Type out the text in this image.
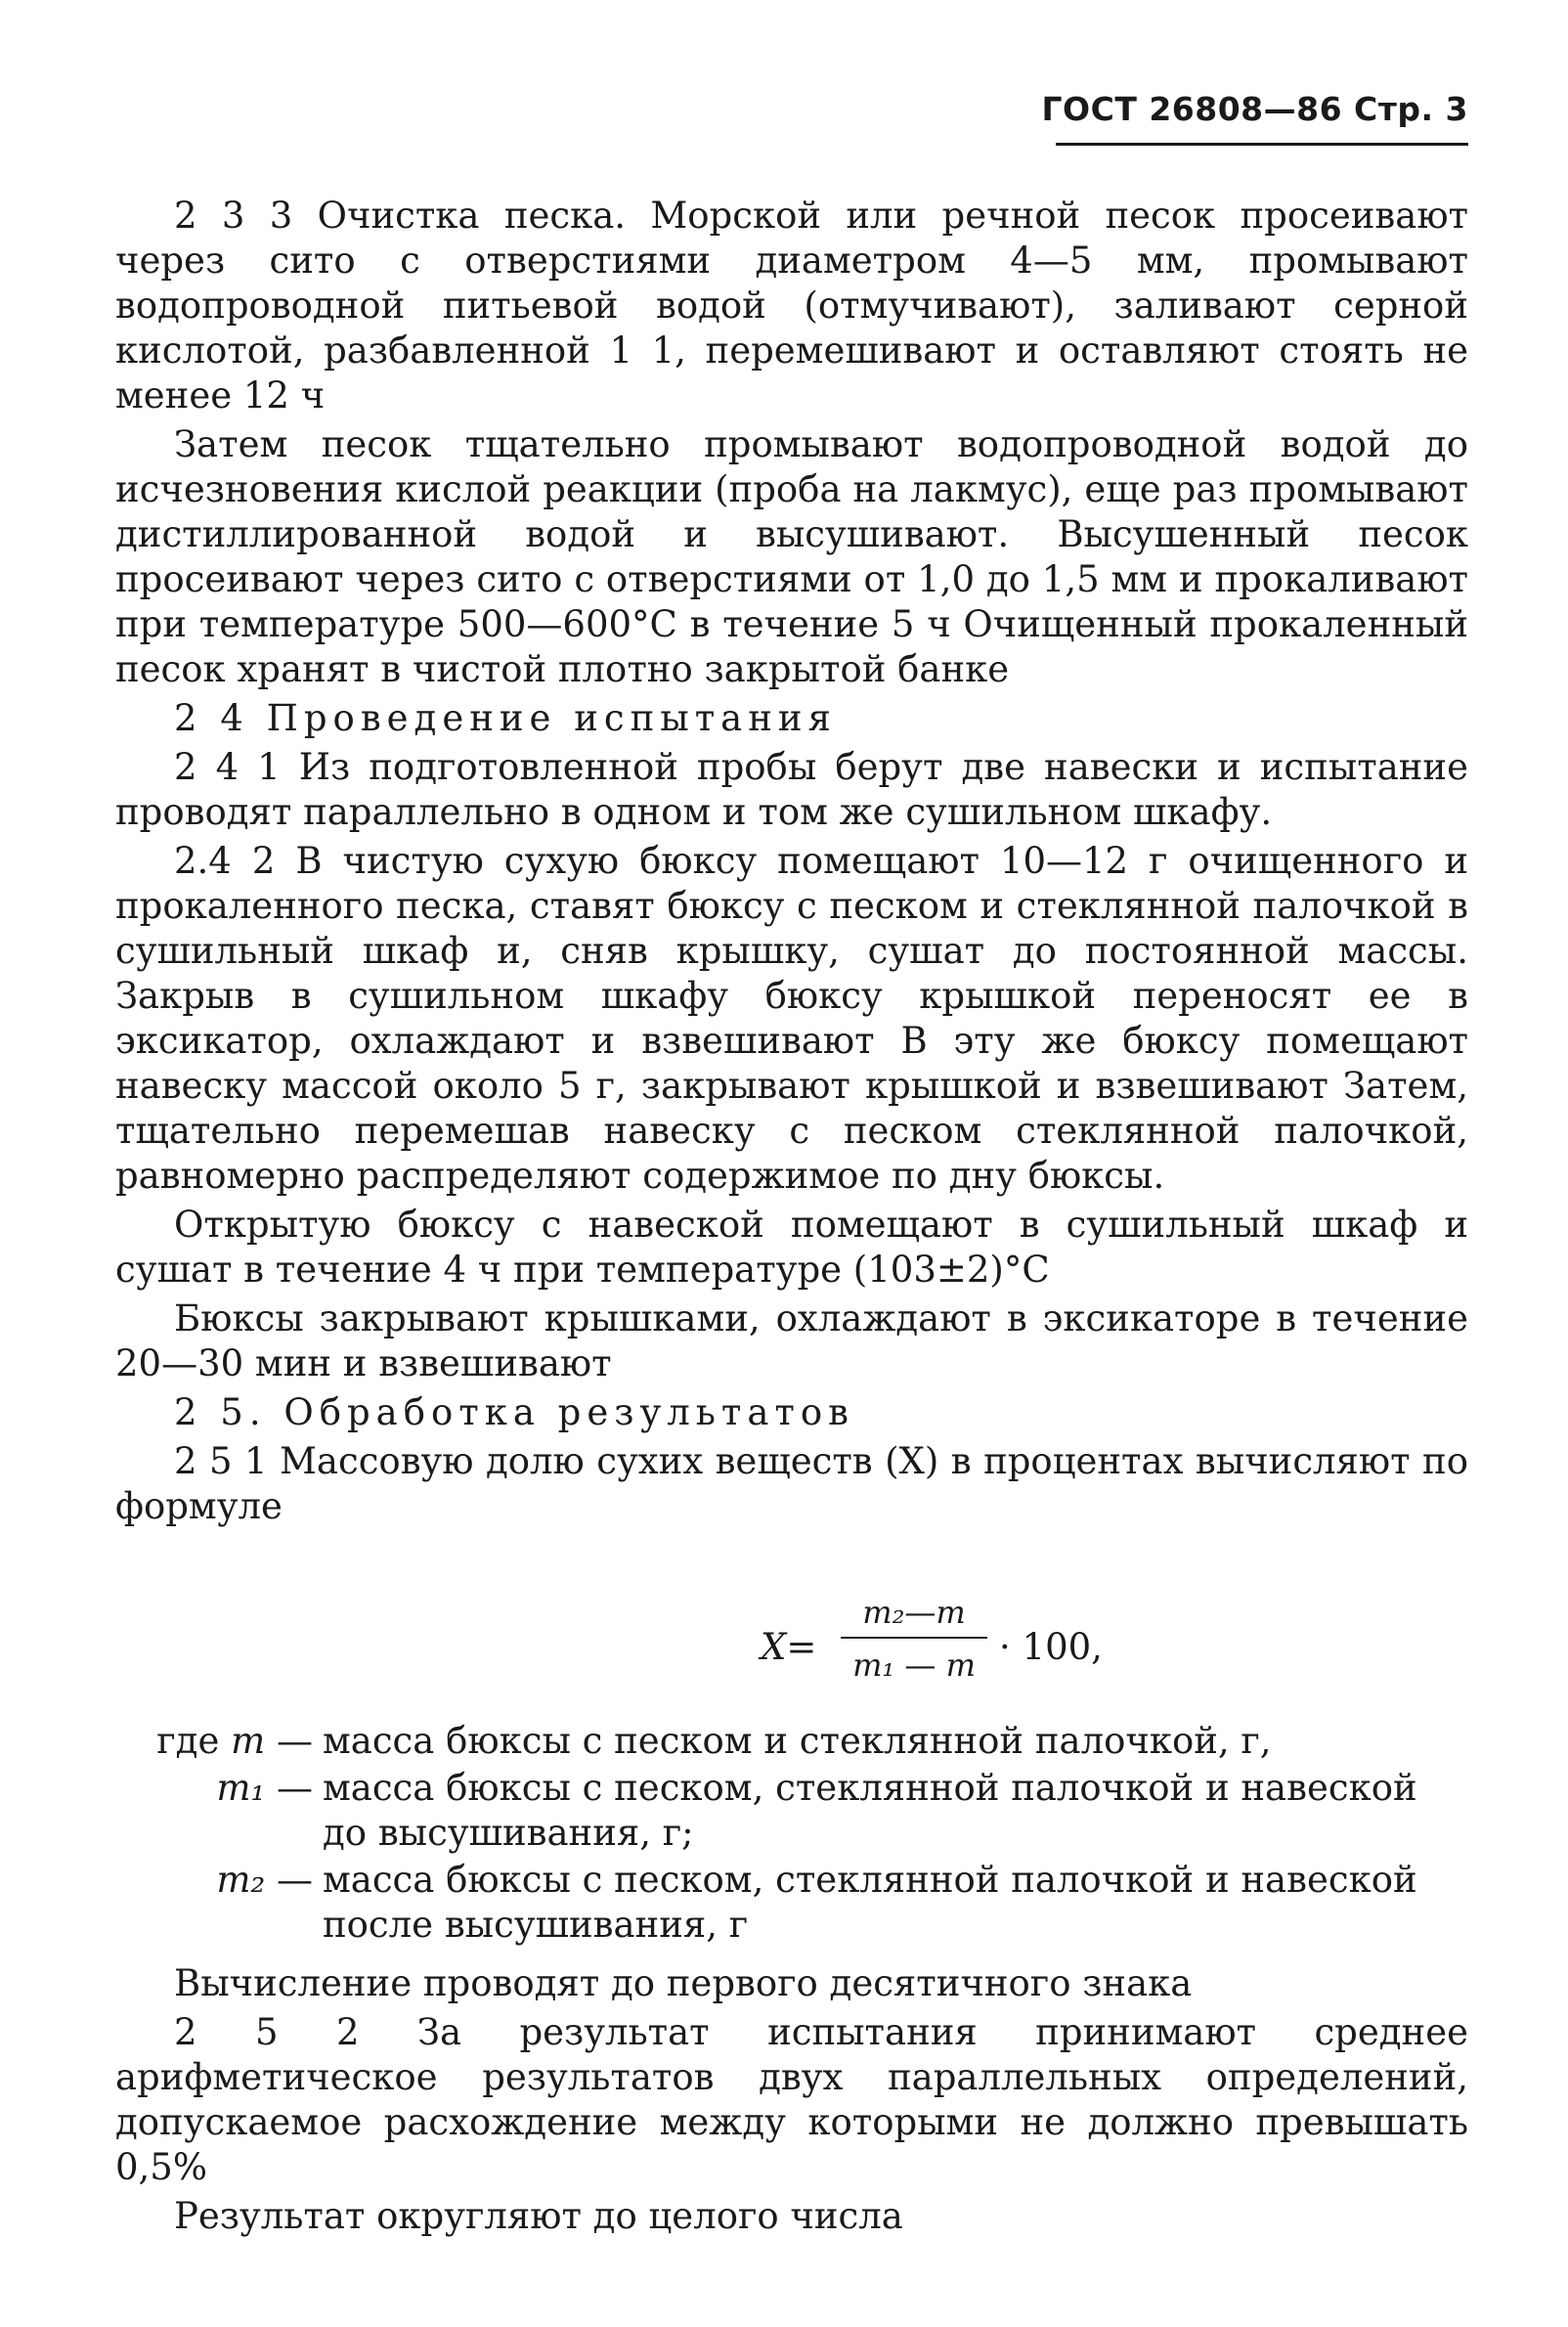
ГОСТ 26808—86 Стр. 3

2 3 3 Очистка песка. Морской или речной песок просеивают через сито с отверстиями диаметром 4—5 мм, промывают водопроводной питьевой водой (отмучивают), заливают серной кислотой, разбавленной 1 1, перемешивают и оставляют стоять не менее 12 ч

Затем песок тщательно промывают водопроводной водой до исчезновения кислой реакции (проба на лакмус), еще раз промывают дистиллированной водой и высушивают. Высушенный песок просеивают через сито с отверстиями от 1,0 до 1,5 мм и прокаливают при температуре 500—600°С в течение 5 ч Очищенный прокаленный песок хранят в чистой плотно закрытой банке

2 4 Проведение испытания

2 4 1 Из подготовленной пробы берут две навески и испытание проводят параллельно в одном и том же сушильном шкафу.

2.4 2 В чистую сухую бюксу помещают 10—12 г очищенного и прокаленного песка, ставят бюксу с песком и стеклянной палочкой в сушильный шкаф и, сняв крышку, сушат до постоянной массы. Закрыв в сушильном шкафу бюксу крышкой переносят ее в эксикатор, охлаждают и взвешивают В эту же бюксу помещают навеску массой около 5 г, закрывают крышкой и взвешивают Затем, тщательно перемешав навеску с песком стеклянной палочкой, равномерно распределяют содержимое по дну бюксы.

Открытую бюксу с навеской помещают в сушильный шкаф и сушат в течение 4 ч при температуре (103±2)°С

Бюксы закрывают крышками, охлаждают в эксикаторе в течение 20—30 мин и взвешивают

2 5. Обработка результатов

2 5 1 Массовую долю сухих веществ (X) в процентах вычисляют по формуле

X=
m₂—m
m₁ — m · 100,
где m — масса бюксы с песком и стеклянной палочкой, г,
m₁ — масса бюксы с песком, стеклянной палочкой и навеской до высушивания, г;
m₂ — масса бюксы с песком, стеклянной палочкой и навеской после высушивания, г

Вычисление проводят до первого десятичного знака

2 5 2 За результат испытания принимают среднее арифметическое результатов двух параллельных определений, допускаемое расхождение между которыми не должно превышать 0,5%

Результат округляют до целого числа
